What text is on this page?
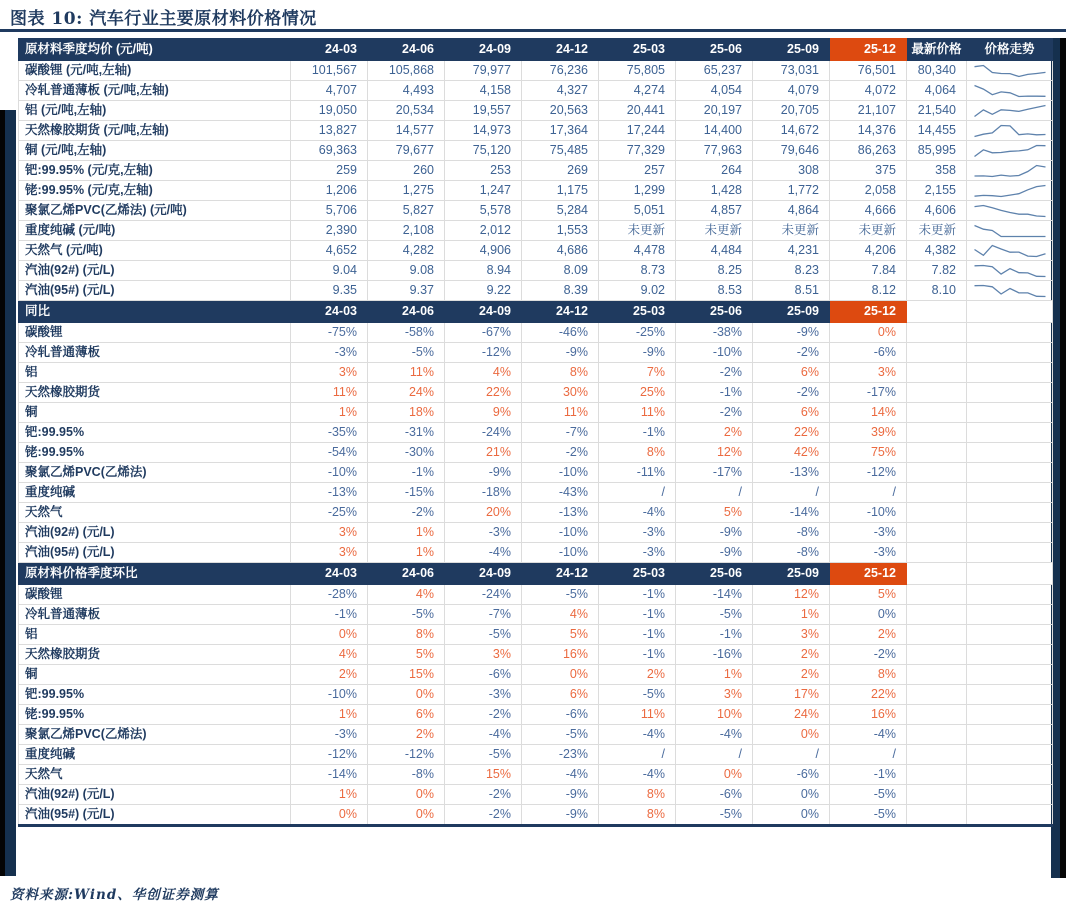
图表 10: 汽车行业主要原材料价格情况
原材料季度均价 (元/吨)	24-03	24-06	24-09	24-12	25-03	25-06	25-09	25-12	最新价格	价格走势
碳酸锂 (元/吨,左轴)	101,567	105,868	79,977	76,236	75,805	65,237	73,031	76,501	80,340	
冷轧普通薄板 (元/吨,左轴)	4,707	4,493	4,158	4,327	4,274	4,054	4,079	4,072	4,064	
铝 (元/吨,左轴)	19,050	20,534	19,557	20,563	20,441	20,197	20,705	21,107	21,540	
天然橡胶期货 (元/吨,左轴)	13,827	14,577	14,973	17,364	17,244	14,400	14,672	14,376	14,455	
铜 (元/吨,左轴)	69,363	79,677	75,120	75,485	77,329	77,963	79,646	86,263	85,995	
钯:99.95% (元/克,左轴)	259	260	253	269	257	264	308	375	358	
铑:99.95% (元/克,左轴)	1,206	1,275	1,247	1,175	1,299	1,428	1,772	2,058	2,155	
聚氯乙烯PVC(乙烯法) (元/吨)	5,706	5,827	5,578	5,284	5,051	4,857	4,864	4,666	4,606	
重度纯碱 (元/吨)	2,390	2,108	2,012	1,553	未更新	未更新	未更新	未更新	未更新	
天然气 (元/吨)	4,652	4,282	4,906	4,686	4,478	4,484	4,231	4,206	4,382	
汽油(92#) (元/L)	9.04	9.08	8.94	8.09	8.73	8.25	8.23	7.84	7.82	
汽油(95#) (元/L)	9.35	9.37	9.22	8.39	9.02	8.53	8.51	8.12	8.10	
同比	24-03	24-06	24-09	24-12	25-03	25-06	25-09	25-12		
碳酸锂	-75%	-58%	-67%	-46%	-25%	-38%	-9%	0%		
冷轧普通薄板	-3%	-5%	-12%	-9%	-9%	-10%	-2%	-6%		
铝	3%	11%	4%	8%	7%	-2%	6%	3%		
天然橡胶期货	11%	24%	22%	30%	25%	-1%	-2%	-17%		
铜	1%	18%	9%	11%	11%	-2%	6%	14%		
钯:99.95%	-35%	-31%	-24%	-7%	-1%	2%	22%	39%		
铑:99.95%	-54%	-30%	21%	-2%	8%	12%	42%	75%		
聚氯乙烯PVC(乙烯法)	-10%	-1%	-9%	-10%	-11%	-17%	-13%	-12%		
重度纯碱	-13%	-15%	-18%	-43%	/	/	/	/		
天然气	-25%	-2%	20%	-13%	-4%	5%	-14%	-10%		
汽油(92#) (元/L)	3%	1%	-3%	-10%	-3%	-9%	-8%	-3%		
汽油(95#) (元/L)	3%	1%	-4%	-10%	-3%	-9%	-8%	-3%		
原材料价格季度环比	24-03	24-06	24-09	24-12	25-03	25-06	25-09	25-12		
碳酸锂	-28%	4%	-24%	-5%	-1%	-14%	12%	5%		
冷轧普通薄板	-1%	-5%	-7%	4%	-1%	-5%	1%	0%		
铝	0%	8%	-5%	5%	-1%	-1%	3%	2%		
天然橡胶期货	4%	5%	3%	16%	-1%	-16%	2%	-2%		
铜	2%	15%	-6%	0%	2%	1%	2%	8%		
钯:99.95%	-10%	0%	-3%	6%	-5%	3%	17%	22%		
铑:99.95%	1%	6%	-2%	-6%	11%	10%	24%	16%		
聚氯乙烯PVC(乙烯法)	-3%	2%	-4%	-5%	-4%	-4%	0%	-4%		
重度纯碱	-12%	-12%	-5%	-23%	/	/	/	/		
天然气	-14%	-8%	15%	-4%	-4%	0%	-6%	-1%		
汽油(92#) (元/L)	1%	0%	-2%	-9%	8%	-6%	0%	-5%		
汽油(95#) (元/L)	0%	0%	-2%	-9%	8%	-5%	0%	-5%		
资料来源:Wind、华创证券测算
